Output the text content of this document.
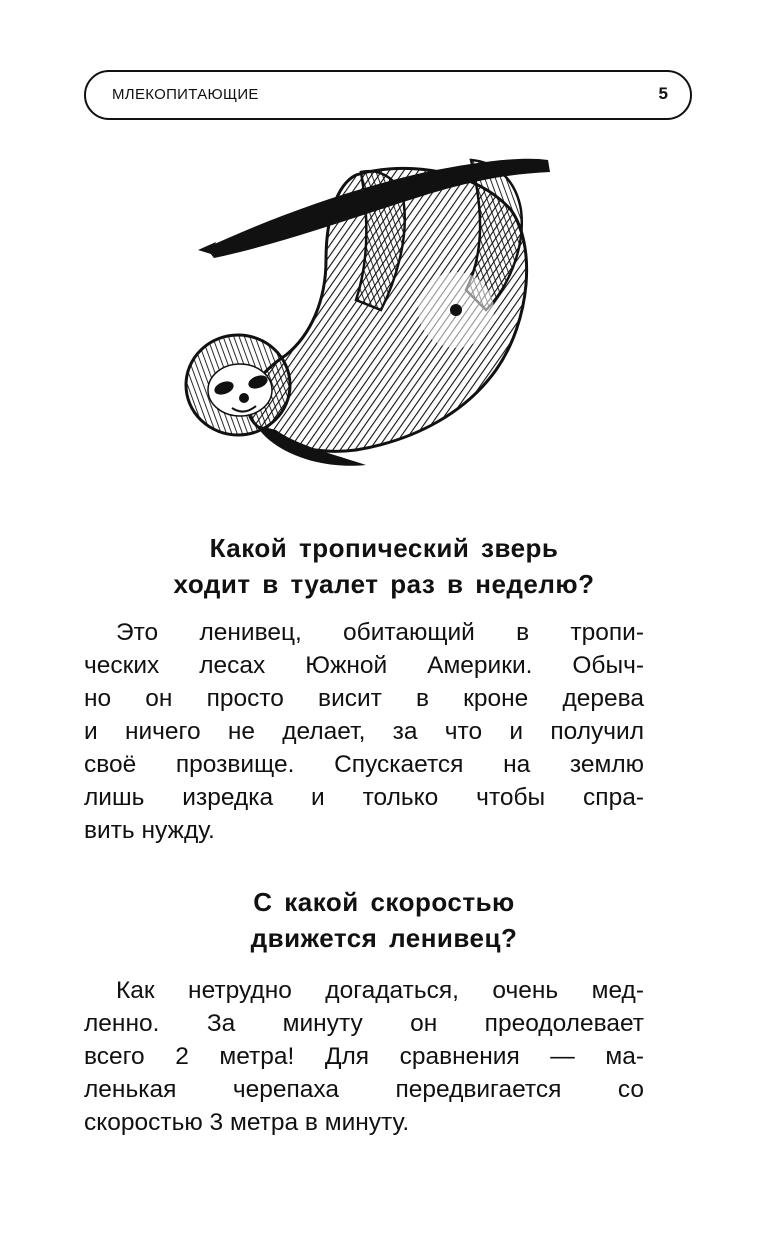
МЛЕКОПИТАЮЩИЕ	5
Какой тропический зверь
ходит в туалет раз в неделю?
Это ленивец, обитающий в тропи-
ческих лесах Южной Америки. Обыч-
но он просто висит в кроне дерева
и ничего не делает, за что и получил
своё прозвище. Спускается на землю
лишь изредка и только чтобы спра-
вить нужду.
С какой скоростью
движется ленивец?
Как нетрудно догадаться, очень мед-
ленно. За минуту он преодолевает
всего 2 метра! Для сравнения — ма-
ленькая черепаха передвигается со
скоростью 3 метра в минуту.
